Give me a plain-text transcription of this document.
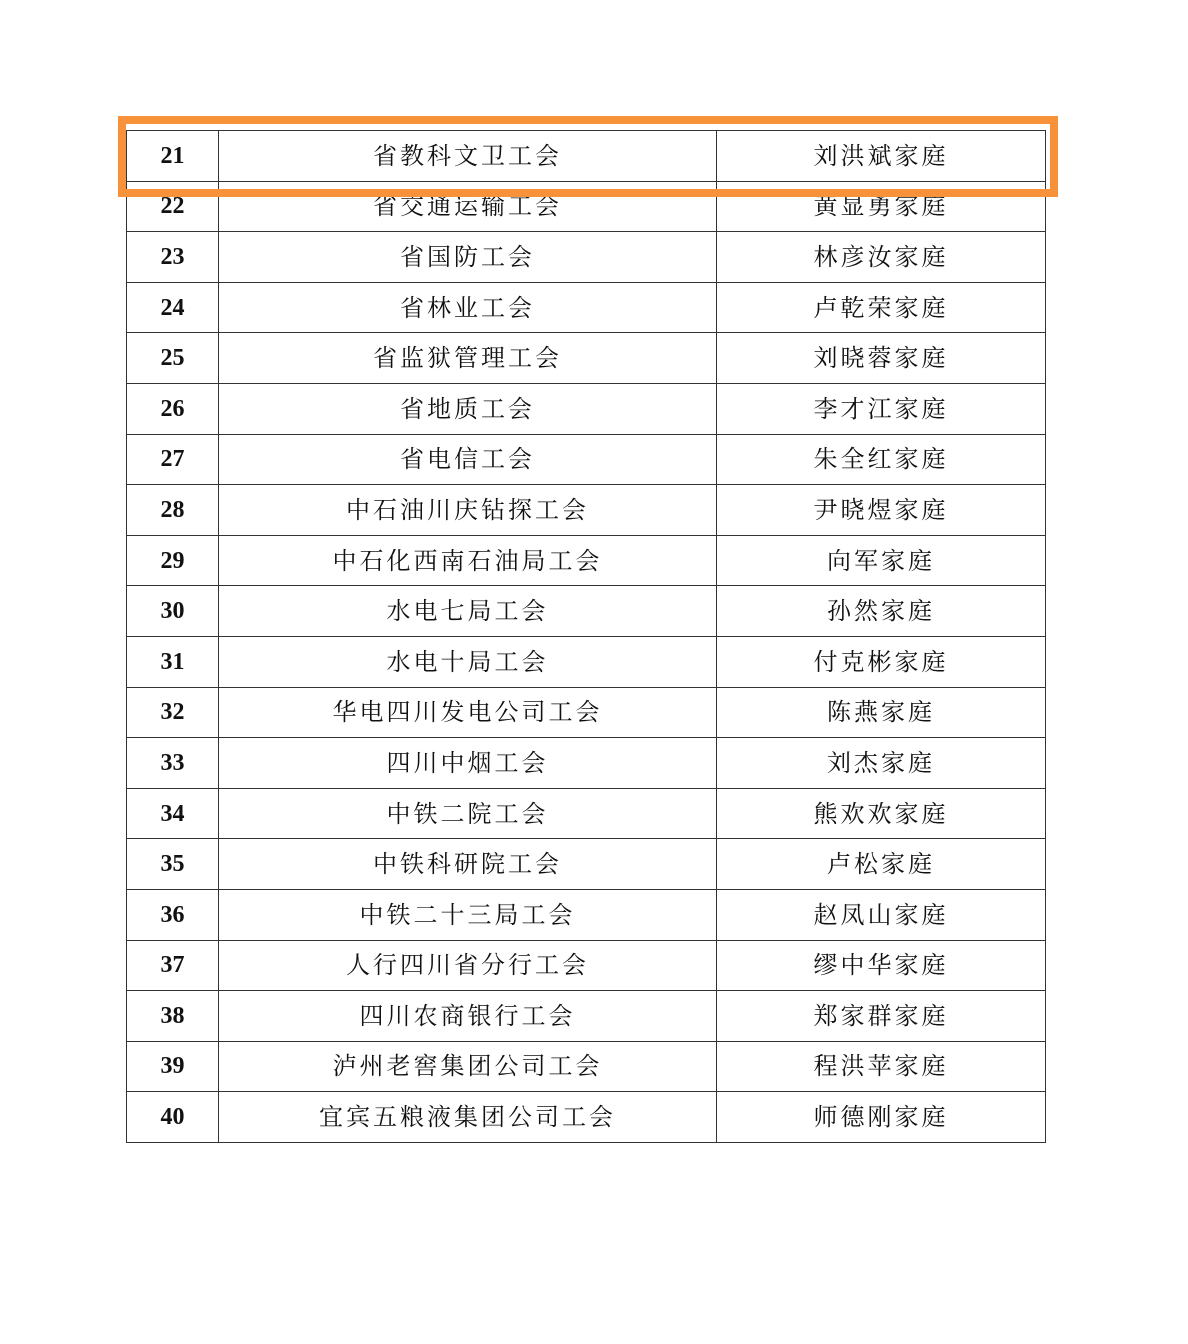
21	省教科文卫工会	刘洪斌家庭
22	省交通运输工会	黄显勇家庭
23	省国防工会	林彦汝家庭
24	省林业工会	卢乾荣家庭
25	省监狱管理工会	刘晓蓉家庭
26	省地质工会	李才江家庭
27	省电信工会	朱全红家庭
28	中石油川庆钻探工会	尹晓煜家庭
29	中石化西南石油局工会	向军家庭
30	水电七局工会	孙然家庭
31	水电十局工会	付克彬家庭
32	华电四川发电公司工会	陈燕家庭
33	四川中烟工会	刘杰家庭
34	中铁二院工会	熊欢欢家庭
35	中铁科研院工会	卢松家庭
36	中铁二十三局工会	赵凤山家庭
37	人行四川省分行工会	缪中华家庭
38	四川农商银行工会	郑家群家庭
39	泸州老窖集团公司工会	程洪苹家庭
40	宜宾五粮液集团公司工会	师德刚家庭
